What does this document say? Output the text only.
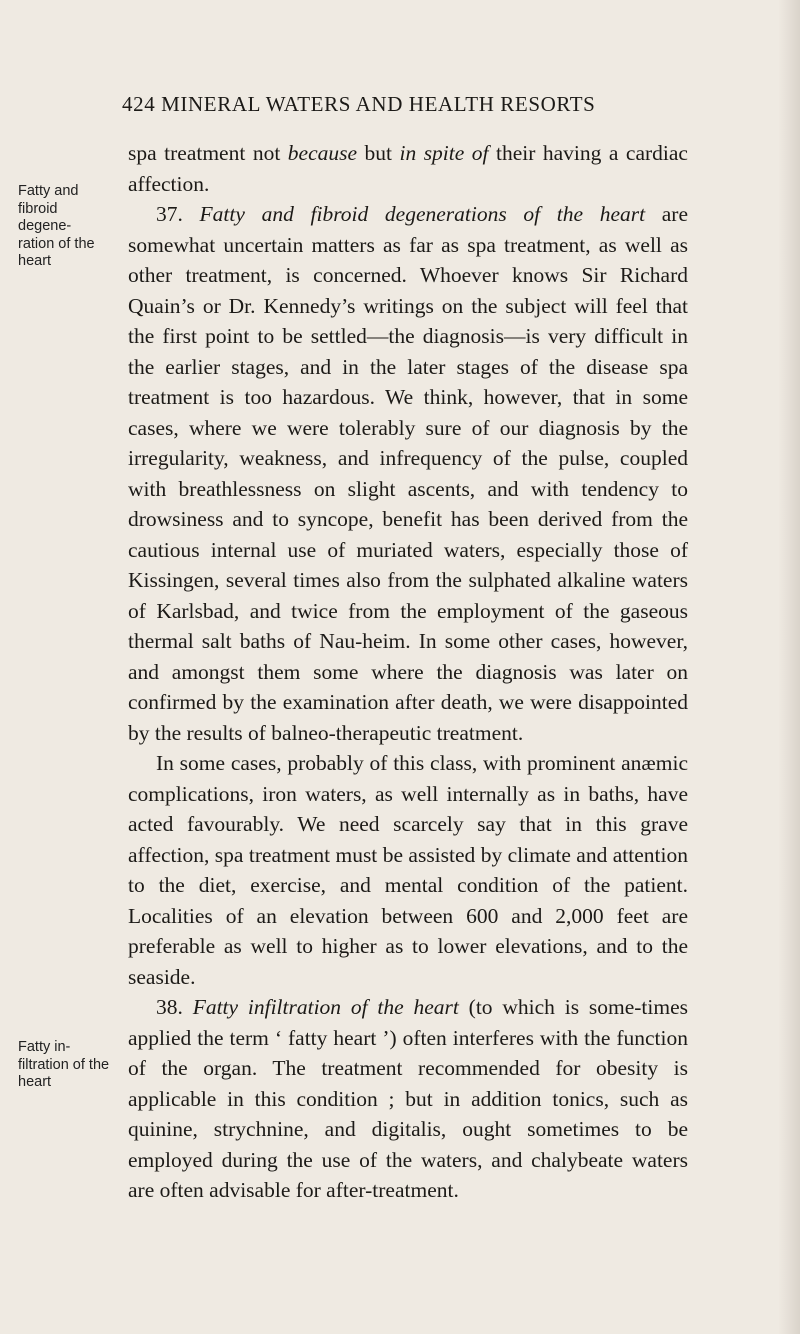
424 MINERAL WATERS AND HEALTH RESORTS

Fatty and fibroid degene- ration of the heart

Fatty in- filtration of the heart

spa treatment not because but in spite of their having a cardiac affection.

37. Fatty and fibroid degenerations of the heart are somewhat uncertain matters as far as spa treatment, as well as other treatment, is concerned. Whoever knows Sir Richard Quain’s or Dr. Kennedy’s writings on the subject will feel that the first point to be settled—the diagnosis—is very difficult in the earlier stages, and in the later stages of the disease spa treatment is too hazardous. We think, however, that in some cases, where we were tolerably sure of our diagnosis by the irregularity, weakness, and infrequency of the pulse, coupled with breathlessness on slight ascents, and with tendency to drowsiness and to syncope, benefit has been derived from the cautious internal use of muriated waters, especially those of Kissingen, several times also from the sulphated alkaline waters of Karlsbad, and twice from the employment of the gaseous thermal salt baths of Nau-heim. In some other cases, however, and amongst them some where the diagnosis was later on confirmed by the examination after death, we were disappointed by the results of balneo-therapeutic treatment.

In some cases, probably of this class, with prominent anæmic complications, iron waters, as well internally as in baths, have acted favourably. We need scarcely say that in this grave affection, spa treatment must be assisted by climate and attention to the diet, exercise, and mental condition of the patient. Localities of an elevation between 600 and 2,000 feet are preferable as well to higher as to lower elevations, and to the seaside.

38. Fatty infiltration of the heart (to which is some-times applied the term ‘ fatty heart ’) often interferes with the function of the organ. The treatment recommended for obesity is applicable in this condition ; but in addition tonics, such as quinine, strychnine, and digitalis, ought sometimes to be employed during the use of the waters, and chalybeate waters are often advisable for after-treatment.
